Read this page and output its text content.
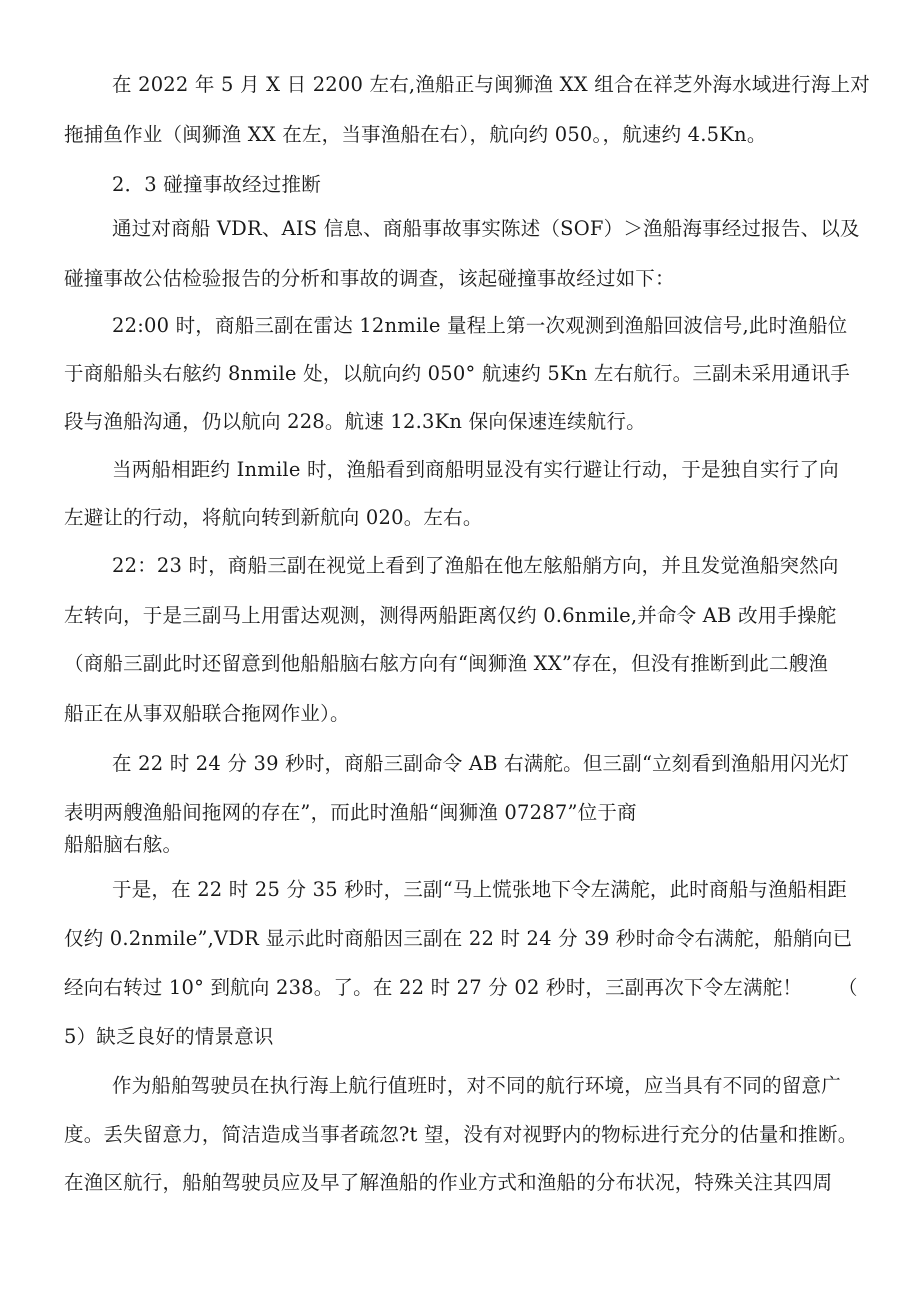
在 2022 年 5 月 X 日 2200 左右,渔船正与闽狮渔 XX 组合在祥芝外海水域进行海上对
拖捕鱼作业（闽狮渔 XX 在左，当事渔船在右），航向约 050。，航速约 4.5Kn。
2．3 碰撞事故经过推断
通过对商船 VDR、AIS 信息、商船事故事实陈述（SOF）＞渔船海事经过报告、以及
碰撞事故公估检验报告的分析和事故的调查，该起碰撞事故经过如下：
22:00 时，商船三副在雷达 12nmile 量程上第一次观测到渔船回波信号,此时渔船位
于商船船头右舷约 8nmile 处，以航向约 050° 航速约 5Kn 左右航行。三副未采用通讯手
段与渔船沟通，仍以航向 228。航速 12.3Kn 保向保速连续航行。
当两船相距约 Inmile 时，渔船看到商船明显没有实行避让行动，于是独自实行了向
左避让的行动，将航向转到新航向 020。左右。
22：23 时，商船三副在视觉上看到了渔船在他左舷船艄方向，并且发觉渔船突然向
左转向，于是三副马上用雷达观测，测得两船距离仅约 0.6nmile,并命令 AB 改用手操舵
（商船三副此时还留意到他船船脑右舷方向有“闽狮渔 XX”存在，但没有推断到此二艘渔
船正在从事双船联合拖网作业）。
在 22 时 24 分 39 秒时，商船三副命令 AB 右满舵。但三副“立刻看到渔船用闪光灯
表明两艘渔船间拖网的存在”，而此时渔船“闽狮渔 07287”位于商
船船脑右舷。
于是，在 22 时 25 分 35 秒时，三副“马上慌张地下令左满舵，此时商船与渔船相距
仅约 0.2nmile”,VDR 显示此时商船因三副在 22 时 24 分 39 秒时命令右满舵，船艄向已
经向右转过 10° 到航向 238。了。在 22 时 27 分 02 秒时，三副再次下令左满舵！ （
5）缺乏良好的情景意识
作为船舶驾驶员在执行海上航行值班时，对不同的航行环境，应当具有不同的留意广
度。丢失留意力，简洁造成当事者疏忽?t 望，没有对视野内的物标进行充分的估量和推断。
在渔区航行，船舶驾驶员应及早了解渔船的作业方式和渔船的分布状况，特殊关注其四周
